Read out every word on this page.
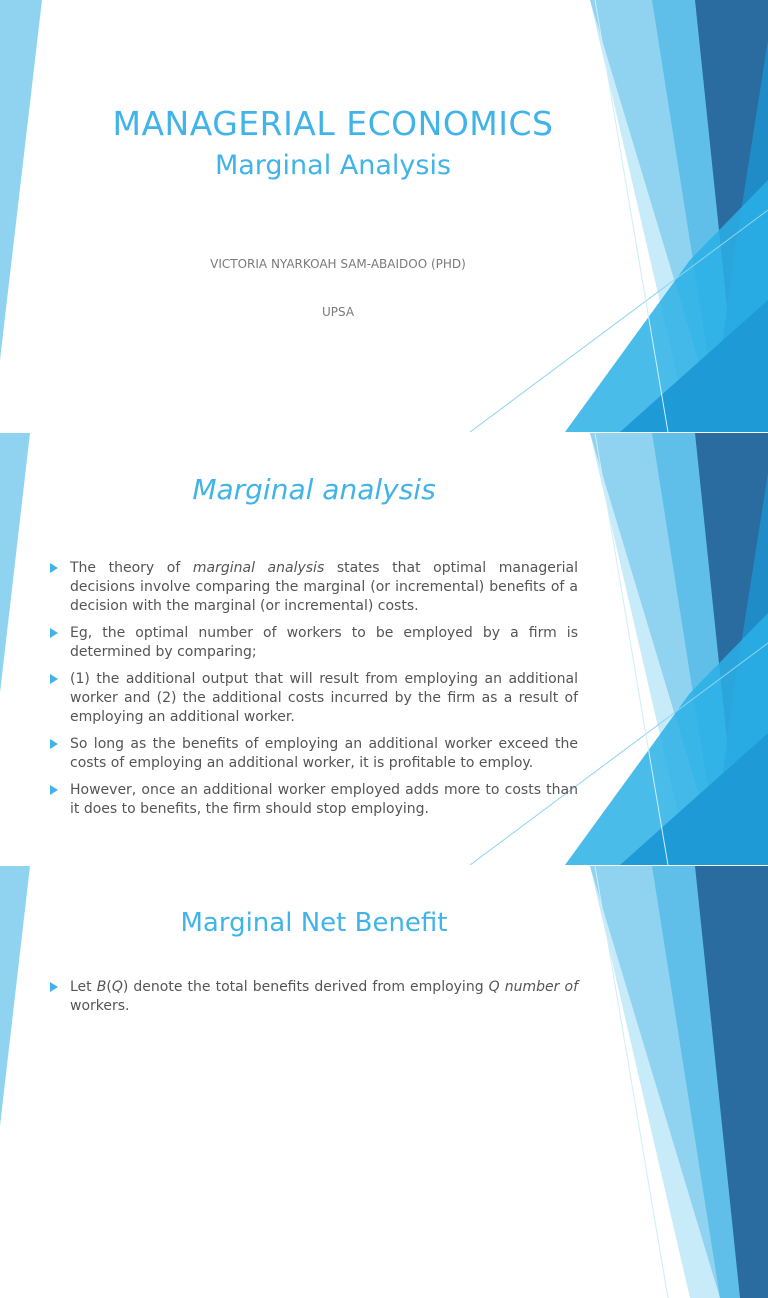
MANAGERIAL ECONOMICS
Marginal Analysis
VICTORIA NYARKOAH SAM-ABAIDOO (PHD)
UPSA
Marginal analysis
The theory of marginal analysis states that optimal managerial decisions involve comparing the marginal (or incremental) benefits of a decision with the marginal (or incremental) costs.
Eg, the optimal number of workers to be employed by a firm is determined by comparing;
(1) the additional output that will result from employing an additional worker and (2) the additional costs incurred by the firm as a result of employing an additional worker.
So long as the benefits of employing an additional worker exceed the costs of employing an additional worker, it is profitable to employ.
However, once an additional worker employed adds more to costs than it does to benefits, the firm should stop employing.
Marginal Net Benefit
Let B(Q) denote the total benefits derived from employing Q number of workers.
